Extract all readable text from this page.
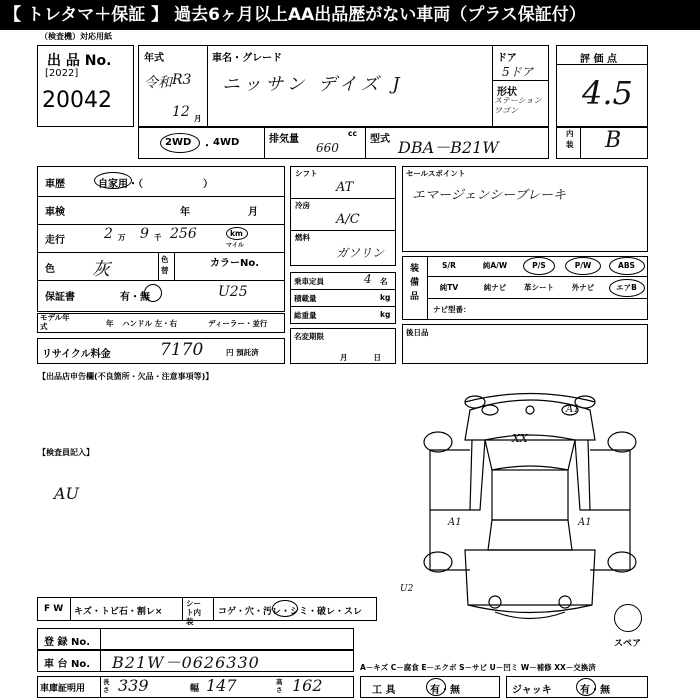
【 トレタマ＋保証 】 過去6ヶ月以上AA出品歴がない車両（プラス保証付）
（検査機）対応用紙
出 品 No.
[2022]
20042
年式
令和 R3
12 月
車名・グレード
ニッサン デイズ J
ドア
5ドア
形状
ステーション ワゴン
評 価 点
4.5
2WD ・ 4WD	排気量
cc
660
型式 DBA－B21W
内装 B
車歴	自家用・（　　　　　　）
車検	年	月
走行	2 万 9 千 256	km
マイル
色 灰	色替
カラーNo.
保証書	有・無	U25
モデル年式	年 ハンドル 左・右	ディーラー・並行
リサイクル料金	7170	円 預託済
【出品店申告欄(不良箇所・欠品・注意事項等)】
【検査員記入】
AU
シフト
AT
冷房
A/C
燃料
ガソリン
乗車定員	4 名
積載量	kg
総重量	kg
名変期限
月日
セールスポイント
エマージェンシーブレーキ
装備品
S/R	純A/W	P/S	P/W	ABS
純TV	純ナビ	革シート	外ナビ	エアB
ナビ型番：
後日品
A1
XX
A1	A1
U2
スペア
F W キズ・トビ石・割レ×
シート内装
コゲ・穴・汚レ・シミ・破レ・スレ
登 録 No.
車 台 No. B21W－0626330	A－キズ C－腐食 E－エクボ S－サビ U－凹ミ W－補修 XX－交換済
車庫証明用
長さ 339	幅 147	高さ 162	工 具	有・無	ジャッキ	有・無
